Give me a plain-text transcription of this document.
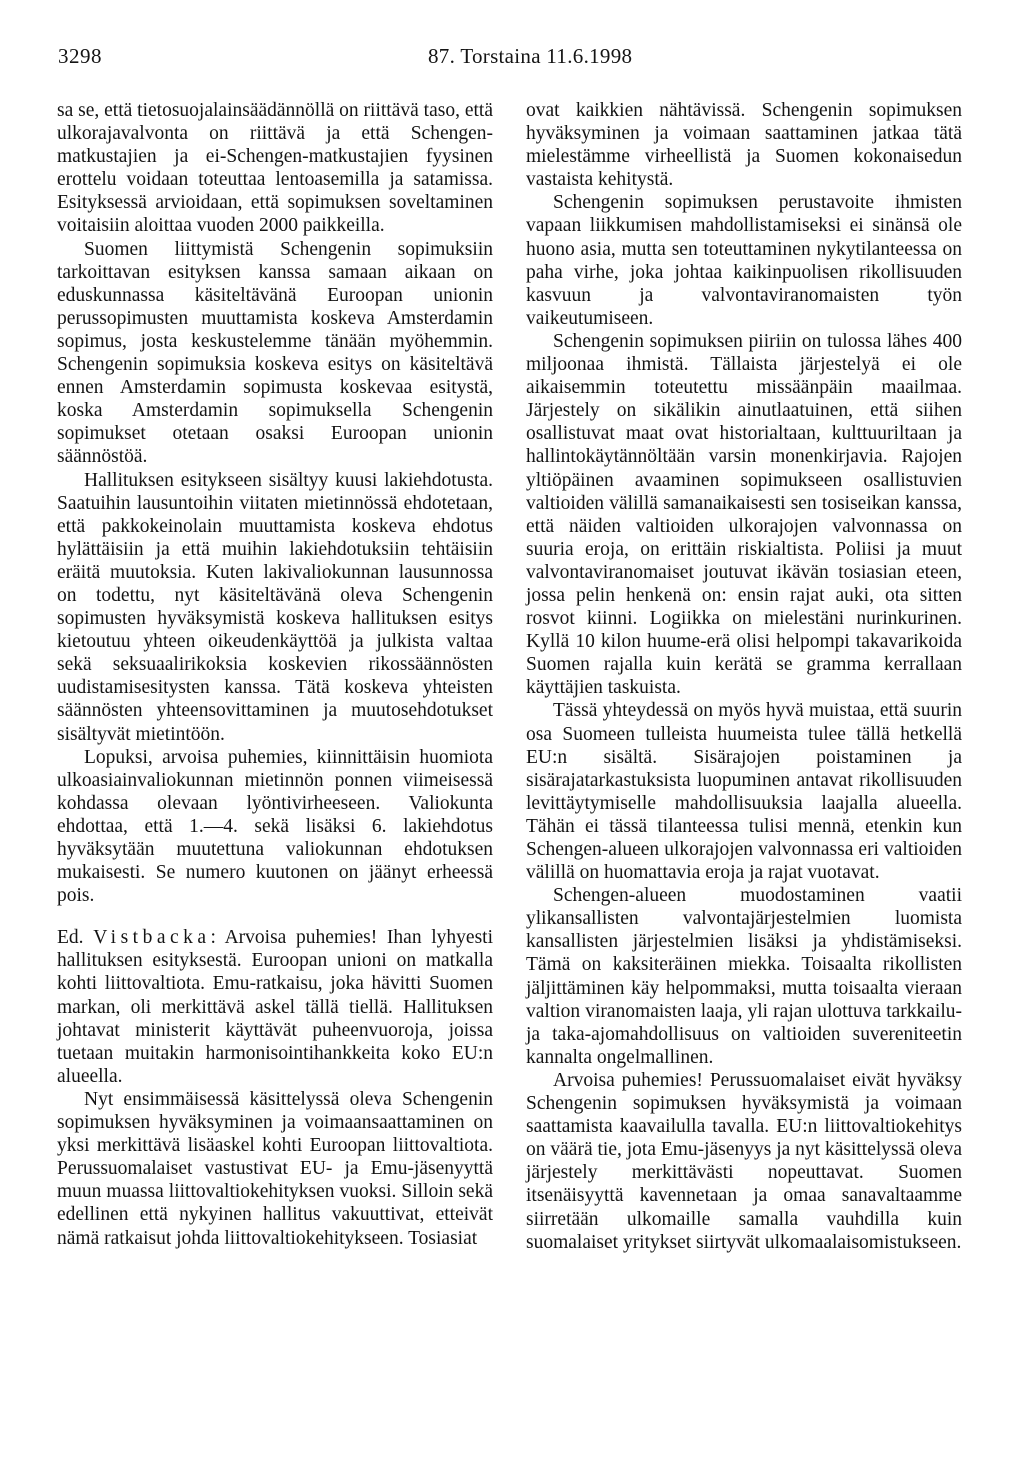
3298	87. Torstaina 11.6.1998

sa se, että tietosuojalainsäädännöllä on riittävä taso, että ulkorajavalvonta on riittävä ja että Schengen-matkustajien ja ei-Schengen-matkustajien fyysinen erottelu voidaan toteuttaa lentoasemilla ja satamissa. Esityksessä arvioidaan, että sopimuksen soveltaminen voitaisiin aloittaa vuoden 2000 paikkeilla.

Suomen liittymistä Schengenin sopimuksiin tarkoittavan esityksen kanssa samaan aikaan on eduskunnassa käsiteltävänä Euroopan unionin perussopimusten muuttamista koskeva Amsterdamin sopimus, josta keskustelemme tänään myöhemmin. Schengenin sopimuksia koskeva esitys on käsiteltävä ennen Amsterdamin sopimusta koskevaa esitystä, koska Amsterdamin sopimuksella Schengenin sopimukset otetaan osaksi Euroopan unionin säännöstöä.

Hallituksen esitykseen sisältyy kuusi lakiehdotusta. Saatuihin lausuntoihin viitaten mietinnössä ehdotetaan, että pakkokeinolain muuttamista koskeva ehdotus hylättäisiin ja että muihin lakiehdotuksiin tehtäisiin eräitä muutoksia. Kuten lakivaliokunnan lausunnossa on todettu, nyt käsiteltävänä oleva Schengenin sopimusten hyväksymistä koskeva hallituksen esitys kietoutuu yhteen oikeudenkäyttöä ja julkista valtaa sekä seksuaalirikoksia koskevien rikossäännösten uudistamisesitysten kanssa. Tätä koskeva yhteisten säännösten yhteensovittaminen ja muutosehdotukset sisältyvät mietintöön.

Lopuksi, arvoisa puhemies, kiinnittäisin huomiota ulkoasiainvaliokunnan mietinnön ponnen viimeisessä kohdassa olevaan lyöntivirheeseen. Valiokunta ehdottaa, että 1.—4. sekä lisäksi 6. lakiehdotus hyväksytään muutettuna valiokunnan ehdotuksen mukaisesti. Se numero kuutonen on jäänyt erheessä pois.

Ed. Vistbacka: Arvoisa puhemies! Ihan lyhyesti hallituksen esityksestä. Euroopan unioni on matkalla kohti liittovaltiota. Emu-ratkaisu, joka hävitti Suomen markan, oli merkittävä askel tällä tiellä. Hallituksen johtavat ministerit käyttävät puheenvuoroja, joissa tuetaan muitakin harmonisointihankkeita koko EU:n alueella.

Nyt ensimmäisessä käsittelyssä oleva Schengenin sopimuksen hyväksyminen ja voimaansaattaminen on yksi merkittävä lisäaskel kohti Euroopan liittovaltiota. Perussuomalaiset vastustivat EU- ja Emu-jäsenyyttä muun muassa liittovaltiokehityksen vuoksi. Silloin sekä edellinen että nykyinen hallitus vakuuttivat, etteivät nämä ratkaisut johda liittovaltiokehitykseen. Tosiasiat

ovat kaikkien nähtävissä. Schengenin sopimuksen hyväksyminen ja voimaan saattaminen jatkaa tätä mielestämme virheellistä ja Suomen kokonaisedun vastaista kehitystä.

Schengenin sopimuksen perustavoite ihmisten vapaan liikkumisen mahdollistamiseksi ei sinänsä ole huono asia, mutta sen toteuttaminen nykytilanteessa on paha virhe, joka johtaa kaikinpuolisen rikollisuuden kasvuun ja valvontaviranomaisten työn vaikeutumiseen.

Schengenin sopimuksen piiriin on tulossa lähes 400 miljoonaa ihmistä. Tällaista järjestelyä ei ole aikaisemmin toteutettu missäänpäin maailmaa. Järjestely on sikälikin ainutlaatuinen, että siihen osallistuvat maat ovat historialtaan, kulttuuriltaan ja hallintokäytännöltään varsin monenkirjavia. Rajojen yltiöpäinen avaaminen sopimukseen osallistuvien valtioiden välillä samanaikaisesti sen tosiseikan kanssa, että näiden valtioiden ulkorajojen valvonnassa on suuria eroja, on erittäin riskialtista. Poliisi ja muut valvontaviranomaiset joutuvat ikävän tosiasian eteen, jossa pelin henkenä on: ensin rajat auki, ota sitten rosvot kiinni. Logiikka on mielestäni nurinkurinen. Kyllä 10 kilon huume-erä olisi helpompi takavarikoida Suomen rajalla kuin kerätä se gramma kerrallaan käyttäjien taskuista.

Tässä yhteydessä on myös hyvä muistaa, että suurin osa Suomeen tulleista huumeista tulee tällä hetkellä EU:n sisältä. Sisärajojen poistaminen ja sisärajatarkastuksista luopuminen antavat rikollisuuden levittäytymiselle mahdollisuuksia laajalla alueella. Tähän ei tässä tilanteessa tulisi mennä, etenkin kun Schengen-alueen ulkorajojen valvonnassa eri valtioiden välillä on huomattavia eroja ja rajat vuotavat.

Schengen-alueen muodostaminen vaatii ylikansallisten valvontajärjestelmien luomista kansallisten järjestelmien lisäksi ja yhdistämiseksi. Tämä on kaksiteräinen miekka. Toisaalta rikollisten jäljittäminen käy helpommaksi, mutta toisaalta vieraan valtion viranomaisten laaja, yli rajan ulottuva tarkkailu- ja taka-ajomahdollisuus on valtioiden suvereniteetin kannalta ongelmallinen.

Arvoisa puhemies! Perussuomalaiset eivät hyväksy Schengenin sopimuksen hyväksymistä ja voimaan saattamista kaavailulla tavalla. EU:n liittovaltiokehitys on väärä tie, jota Emu-jäsenyys ja nyt käsittelyssä oleva järjestely merkittävästi nopeuttavat. Suomen itsenäisyyttä kavennetaan ja omaa sanavaltaamme siirretään ulkomaille samalla vauhdilla kuin suomalaiset yritykset siirtyvät ulkomaalaisomistukseen.
